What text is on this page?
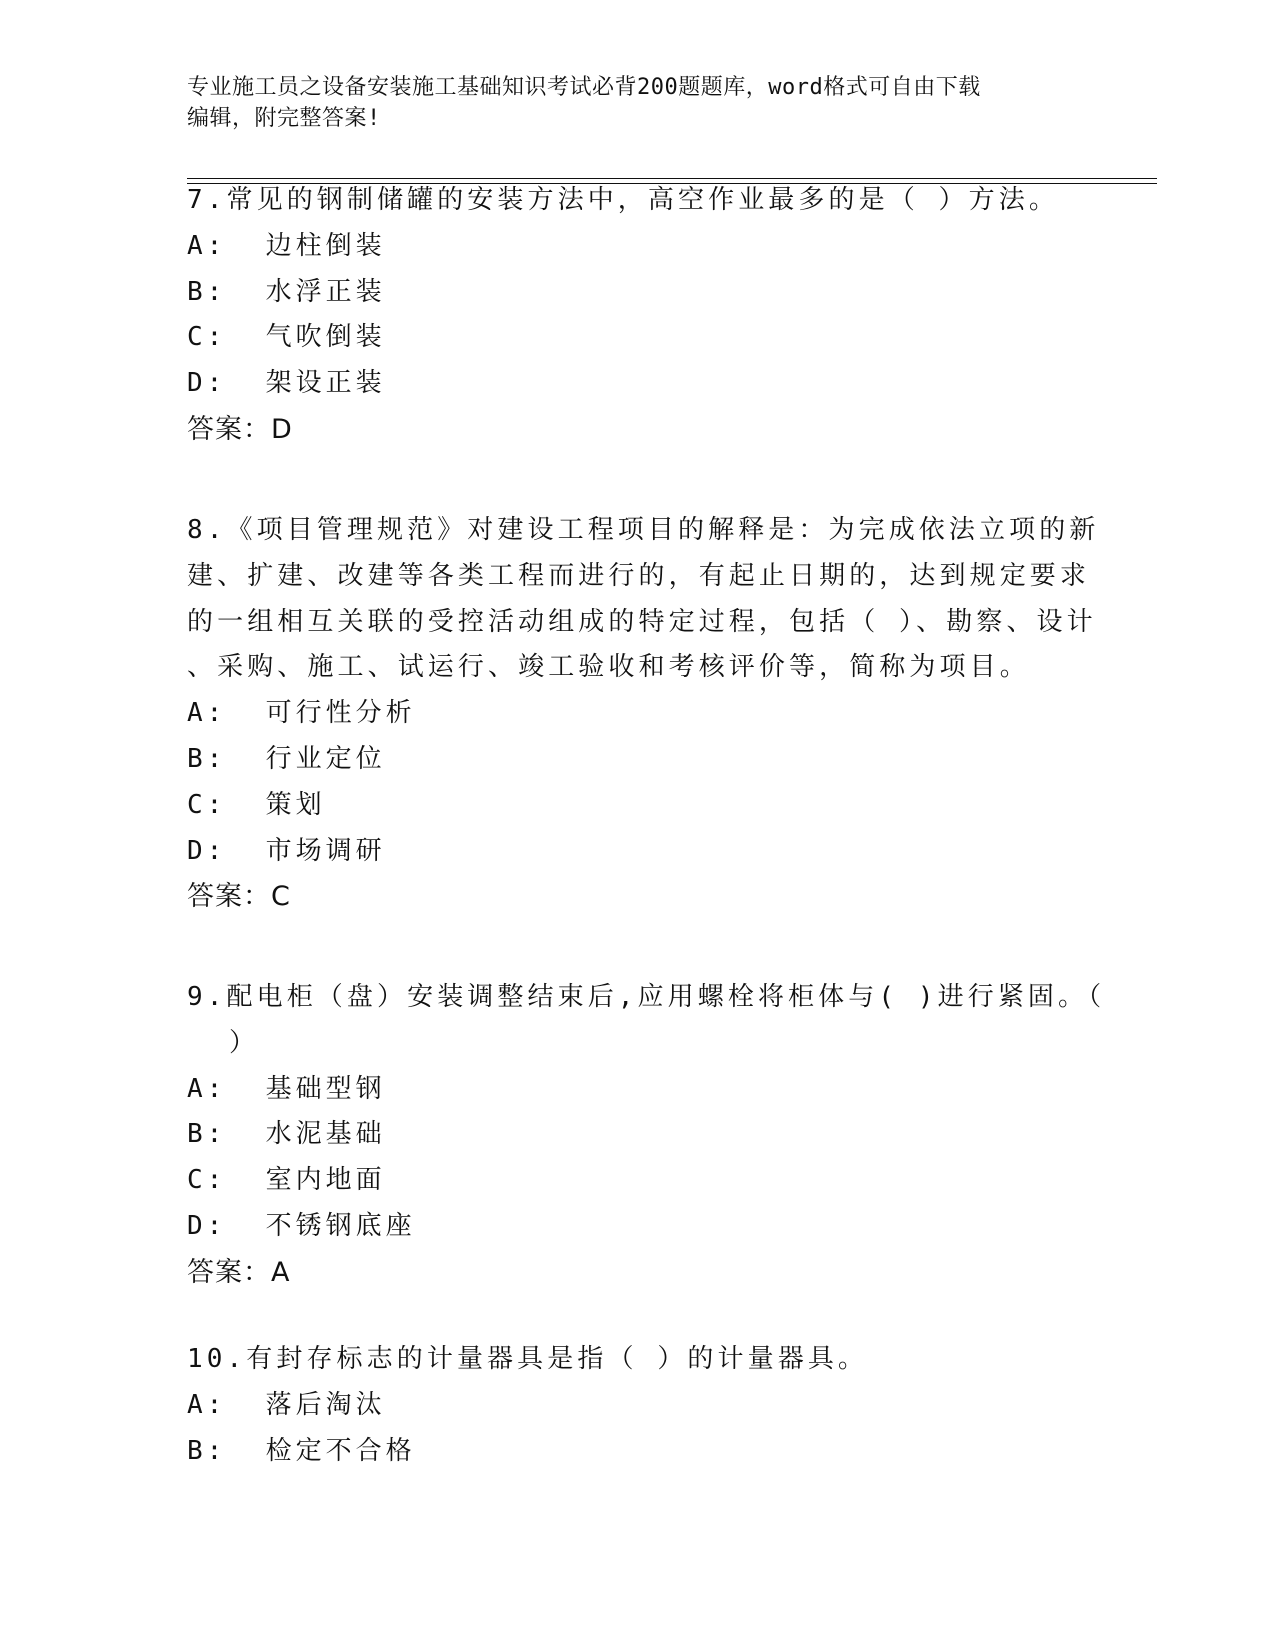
专业施工员之设备安装施工基础知识考试必背200题题库，word格式可自由下载
编辑，附完整答案!
7.常见的钢制储罐的安装方法中，高空作业最多的是（ ）方法。
A:  边柱倒装
B:  水浮正装
C:  气吹倒装
D:  架设正装
答案：D
8.《项目管理规范》对建设工程项目的解释是：为完成依法立项的新
建、扩建、改建等各类工程而进行的，有起止日期的，达到规定要求
的一组相互关联的受控活动组成的特定过程，包括（ ）、勘察、设计
、采购、施工、试运行、竣工验收和考核评价等，简称为项目。
A:  可行性分析
B:  行业定位
C:  策划
D:  市场调研
答案：C
9.配电柜（盘）安装调整结束后,应用螺栓将柜体与( )进行紧固。（
）
A:  基础型钢
B:  水泥基础
C:  室内地面
D:  不锈钢底座
答案：A
10.有封存标志的计量器具是指（ ）的计量器具。
A:  落后淘汰
B:  检定不合格
